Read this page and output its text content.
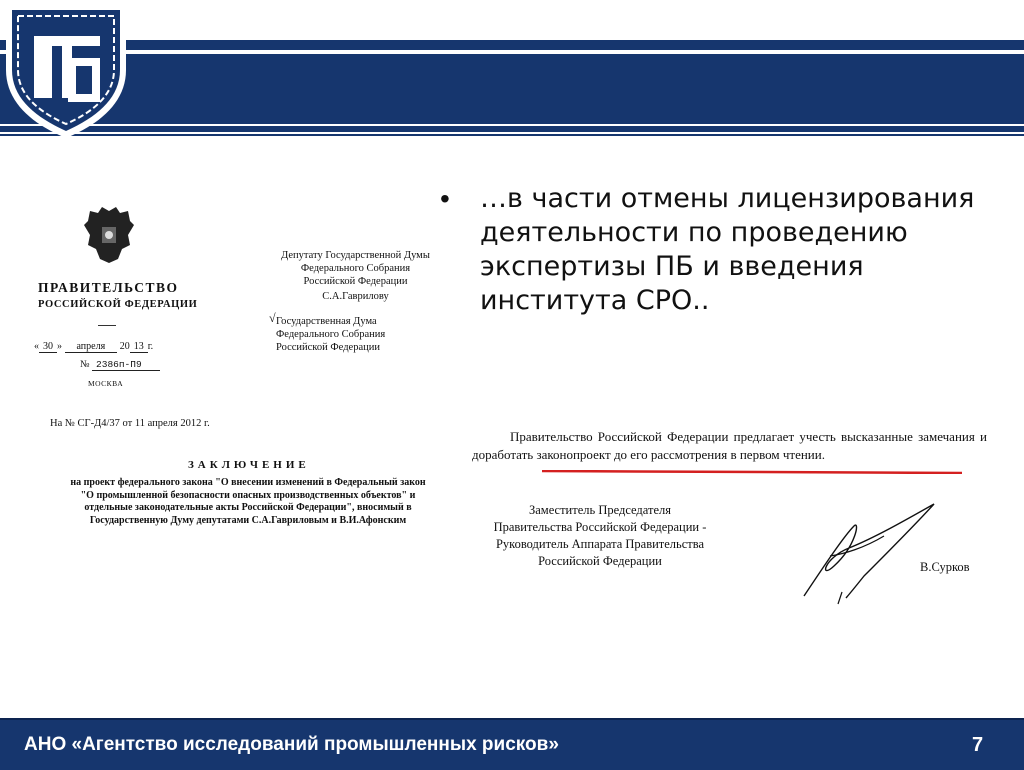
ПРАВИТЕЛЬСТВО
РОССИЙСКОЙ ФЕДЕРАЦИИ
« 30 » апреля 20 13 г.
№ 2386п-П9
МОСКВА
Депутату Государственной Думы
Федерального Собрания
Российской Федерации
С.А.Гаврилову
√ Государственная Дума
Федерального Собрания
Российской Федерации
На № СГ-Д4/37 от 11 апреля 2012 г.
ЗАКЛЮЧЕНИЕ
на проект федерального закона "О внесении изменений в Федеральный закон "О промышленной безопасности опасных производственных объектов" и отдельные законодательные акты Российской Федерации", вносимый в Государственную Думу депутатами С.А.Гавриловым и В.И.Афонским
• …в части отмены лицензирования деятельности по проведению экспертизы ПБ и введения института СРО..
Правительство Российской Федерации предлагает учесть высказанные замечания и доработать законопроект до его рассмотрения в первом чтении.
Заместитель Председателя
Правительства Российской Федерации -
Руководитель Аппарата Правительства
Российской Федерации	В.Сурков
АНО «Агентство исследований промышленных рисков»	7
